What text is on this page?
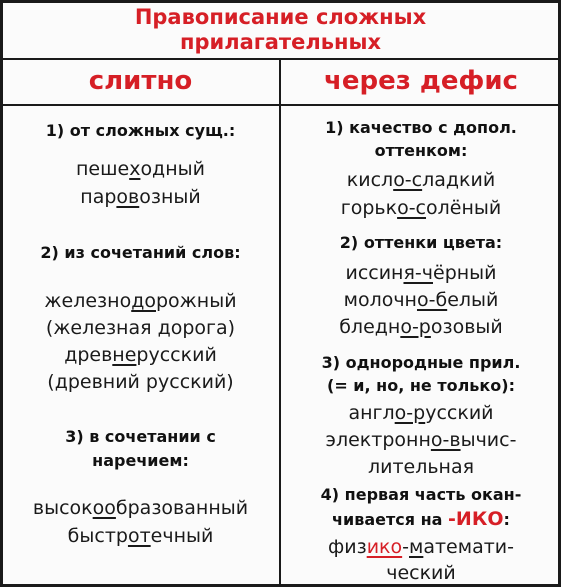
Правописание сложных
прилагательных
слитно	через дефис
1) от сложных сущ.:
пешеходный
паровозный
2) из сочетаний слов:
железнодорожный
(железная дорога)
древнерусский
(древний русский)
3) в сочетании с
наречием:
высокообразованный
быстротечный
1) качество с допол.
оттенком:
кисло-сладкий
горько-солёный
2) оттенки цвета:
иссиня-чёрный
молочно-белый
бледно-розовый
3) однородные прил.
(= и, но, не только):
англо-русский
электронно-вычис-
лительная
4) первая часть окан-
чивается на -ИКО:
физико-математи-
ческий
